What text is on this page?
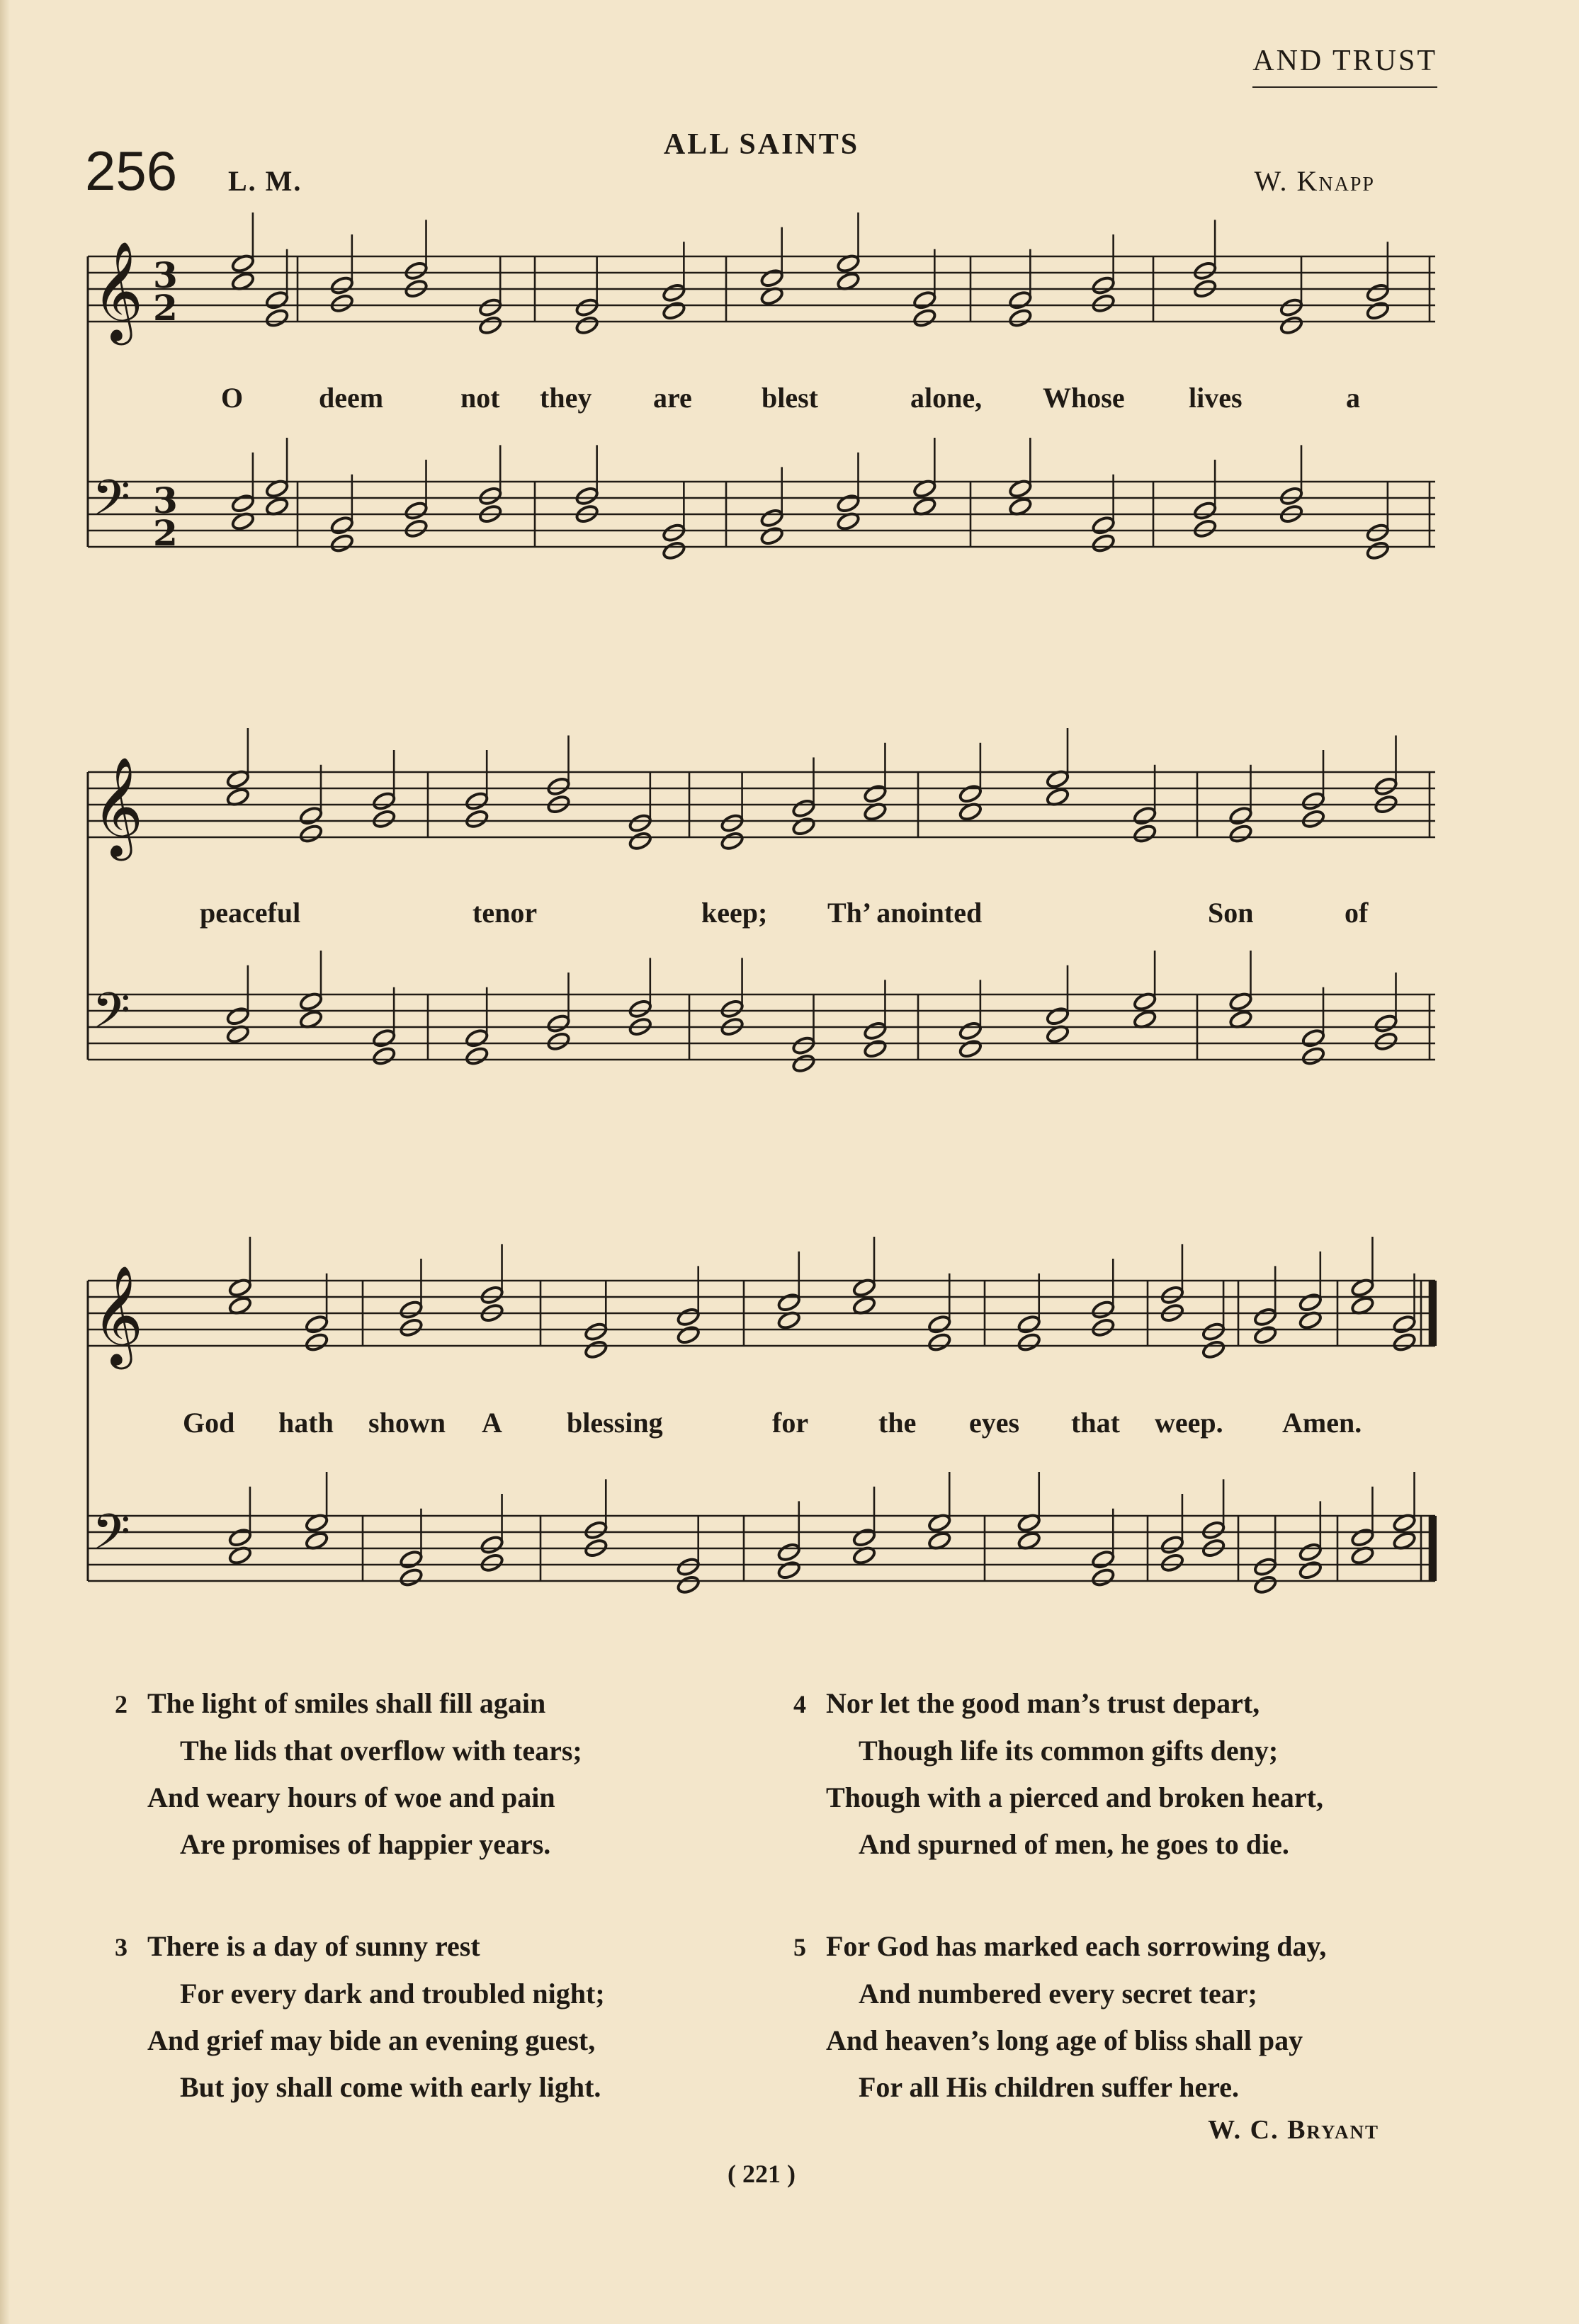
AND TRUST
256 L. M.
ALL SAINTS
W. Knapp
𝄞 3
2
𝄢 3
2
𝄞
𝄢
𝄞
𝄢
O	deem	not they are blest	alone, Whose lives	a
peaceful	tenor	keep; Th’ anointed	Son	of
God hath shown A blessing	for the eyes that weep. Amen.
2 The light of smiles shall fill again
The lids that overflow with tears;
And weary hours of woe and pain
Are promises of happier years.
3 There is a day of sunny rest
For every dark and troubled night;
And grief may bide an evening guest,
But joy shall come with early light.
4 Nor let the good man’s trust depart,
Though life its common gifts deny;
Though with a pierced and broken heart,
And spurned of men, he goes to die.
5 For God has marked each sorrowing day,
And numbered every secret tear;
And heaven’s long age of bliss shall pay
For all His children suffer here.
W. C. Bryant
( 221 )
